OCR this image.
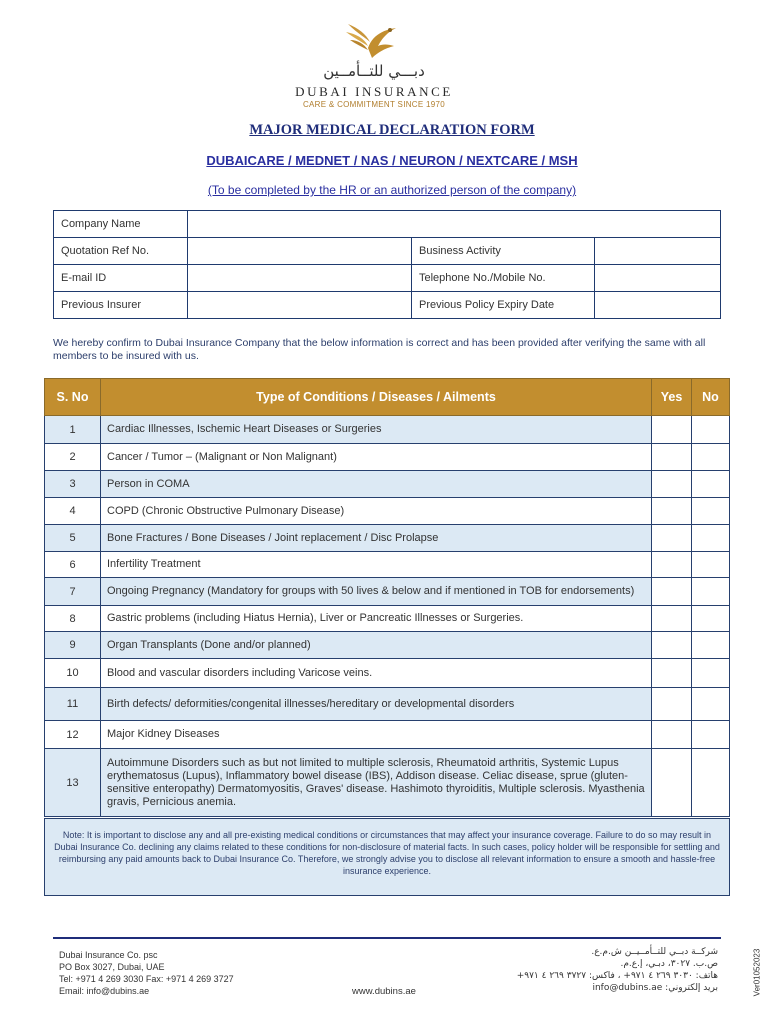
دبـــي للتــأمــين
DUBAI INSURANCE
CARE & COMMITMENT SINCE 1970
MAJOR MEDICAL DECLARATION FORM
DUBAICARE / MEDNET / NAS / NEURON / NEXTCARE / MSH
(To be completed by the HR or an authorized person of the company)
Company Name			
Quotation Ref No.		Business Activity	
E-mail ID		Telephone No./Mobile No.	
Previous Insurer		Previous Policy Expiry Date	
We hereby confirm to Dubai Insurance Company that the below information is correct and has been provided after verifying the same with all members to be insured with us.
S. No	Type of Conditions / Diseases / Ailments	Yes	No
1	Cardiac Illnesses, Ischemic Heart Diseases or Surgeries		
2	Cancer / Tumor – (Malignant or Non Malignant)		
3	Person in COMA		
4	COPD (Chronic Obstructive Pulmonary Disease)		
5	Bone Fractures / Bone Diseases / Joint replacement / Disc Prolapse		
6	Infertility Treatment		
7	Ongoing Pregnancy (Mandatory for groups with 50 lives & below and if mentioned in TOB for endorsements)		
8	Gastric problems (including Hiatus Hernia), Liver or Pancreatic Illnesses or Surgeries.		
9	Organ Transplants (Done and/or planned)		
10	Blood and vascular disorders including Varicose veins.		
11	Birth defects/ deformities/congenital illnesses/hereditary or developmental disorders		
12	Major Kidney Diseases		
13	Autoimmune Disorders such as but not limited to multiple sclerosis, Rheumatoid arthritis, Systemic Lupus erythematosus (Lupus), Inflammatory bowel disease (IBS), Addison disease. Celiac disease, sprue (gluten-sensitive enteropathy) Dermatomyositis, Graves' disease. Hashimoto thyroiditis, Multiple sclerosis. Myasthenia gravis, Pernicious anemia.		
Note: It is important to disclose any and all pre-existing medical conditions or circumstances that may affect your insurance coverage. Failure to do so may result in Dubai Insurance Co. declining any claims related to these conditions for non-disclosure of material facts. In such cases, policy holder will be responsible for settling and reimbursing any paid amounts back to Dubai Insurance Co. Therefore, we strongly advise you to disclose all relevant information to ensure a smooth and hassle-free insurance experience.
Dubai Insurance Co. psc
PO Box 3027, Dubai, UAE
Tel: +971 4 269 3030 Fax: +971 4 269 3727
Email: info@dubins.ae	www.dubins.ae
شركــة دبــي للتــأمــيــن ش.م.ع.
ص.ب. ٣٠٢٧، دبـي، إ.ع.م.
هاتف: ٣٠٣٠ ٢٦٩ ٤ ٩٧١+ ، فاكس: ٣٧٢٧ ٢٦٩ ٤ ٩٧١+
بريد إلكتروني: info@dubins.ae	Ver01052023
